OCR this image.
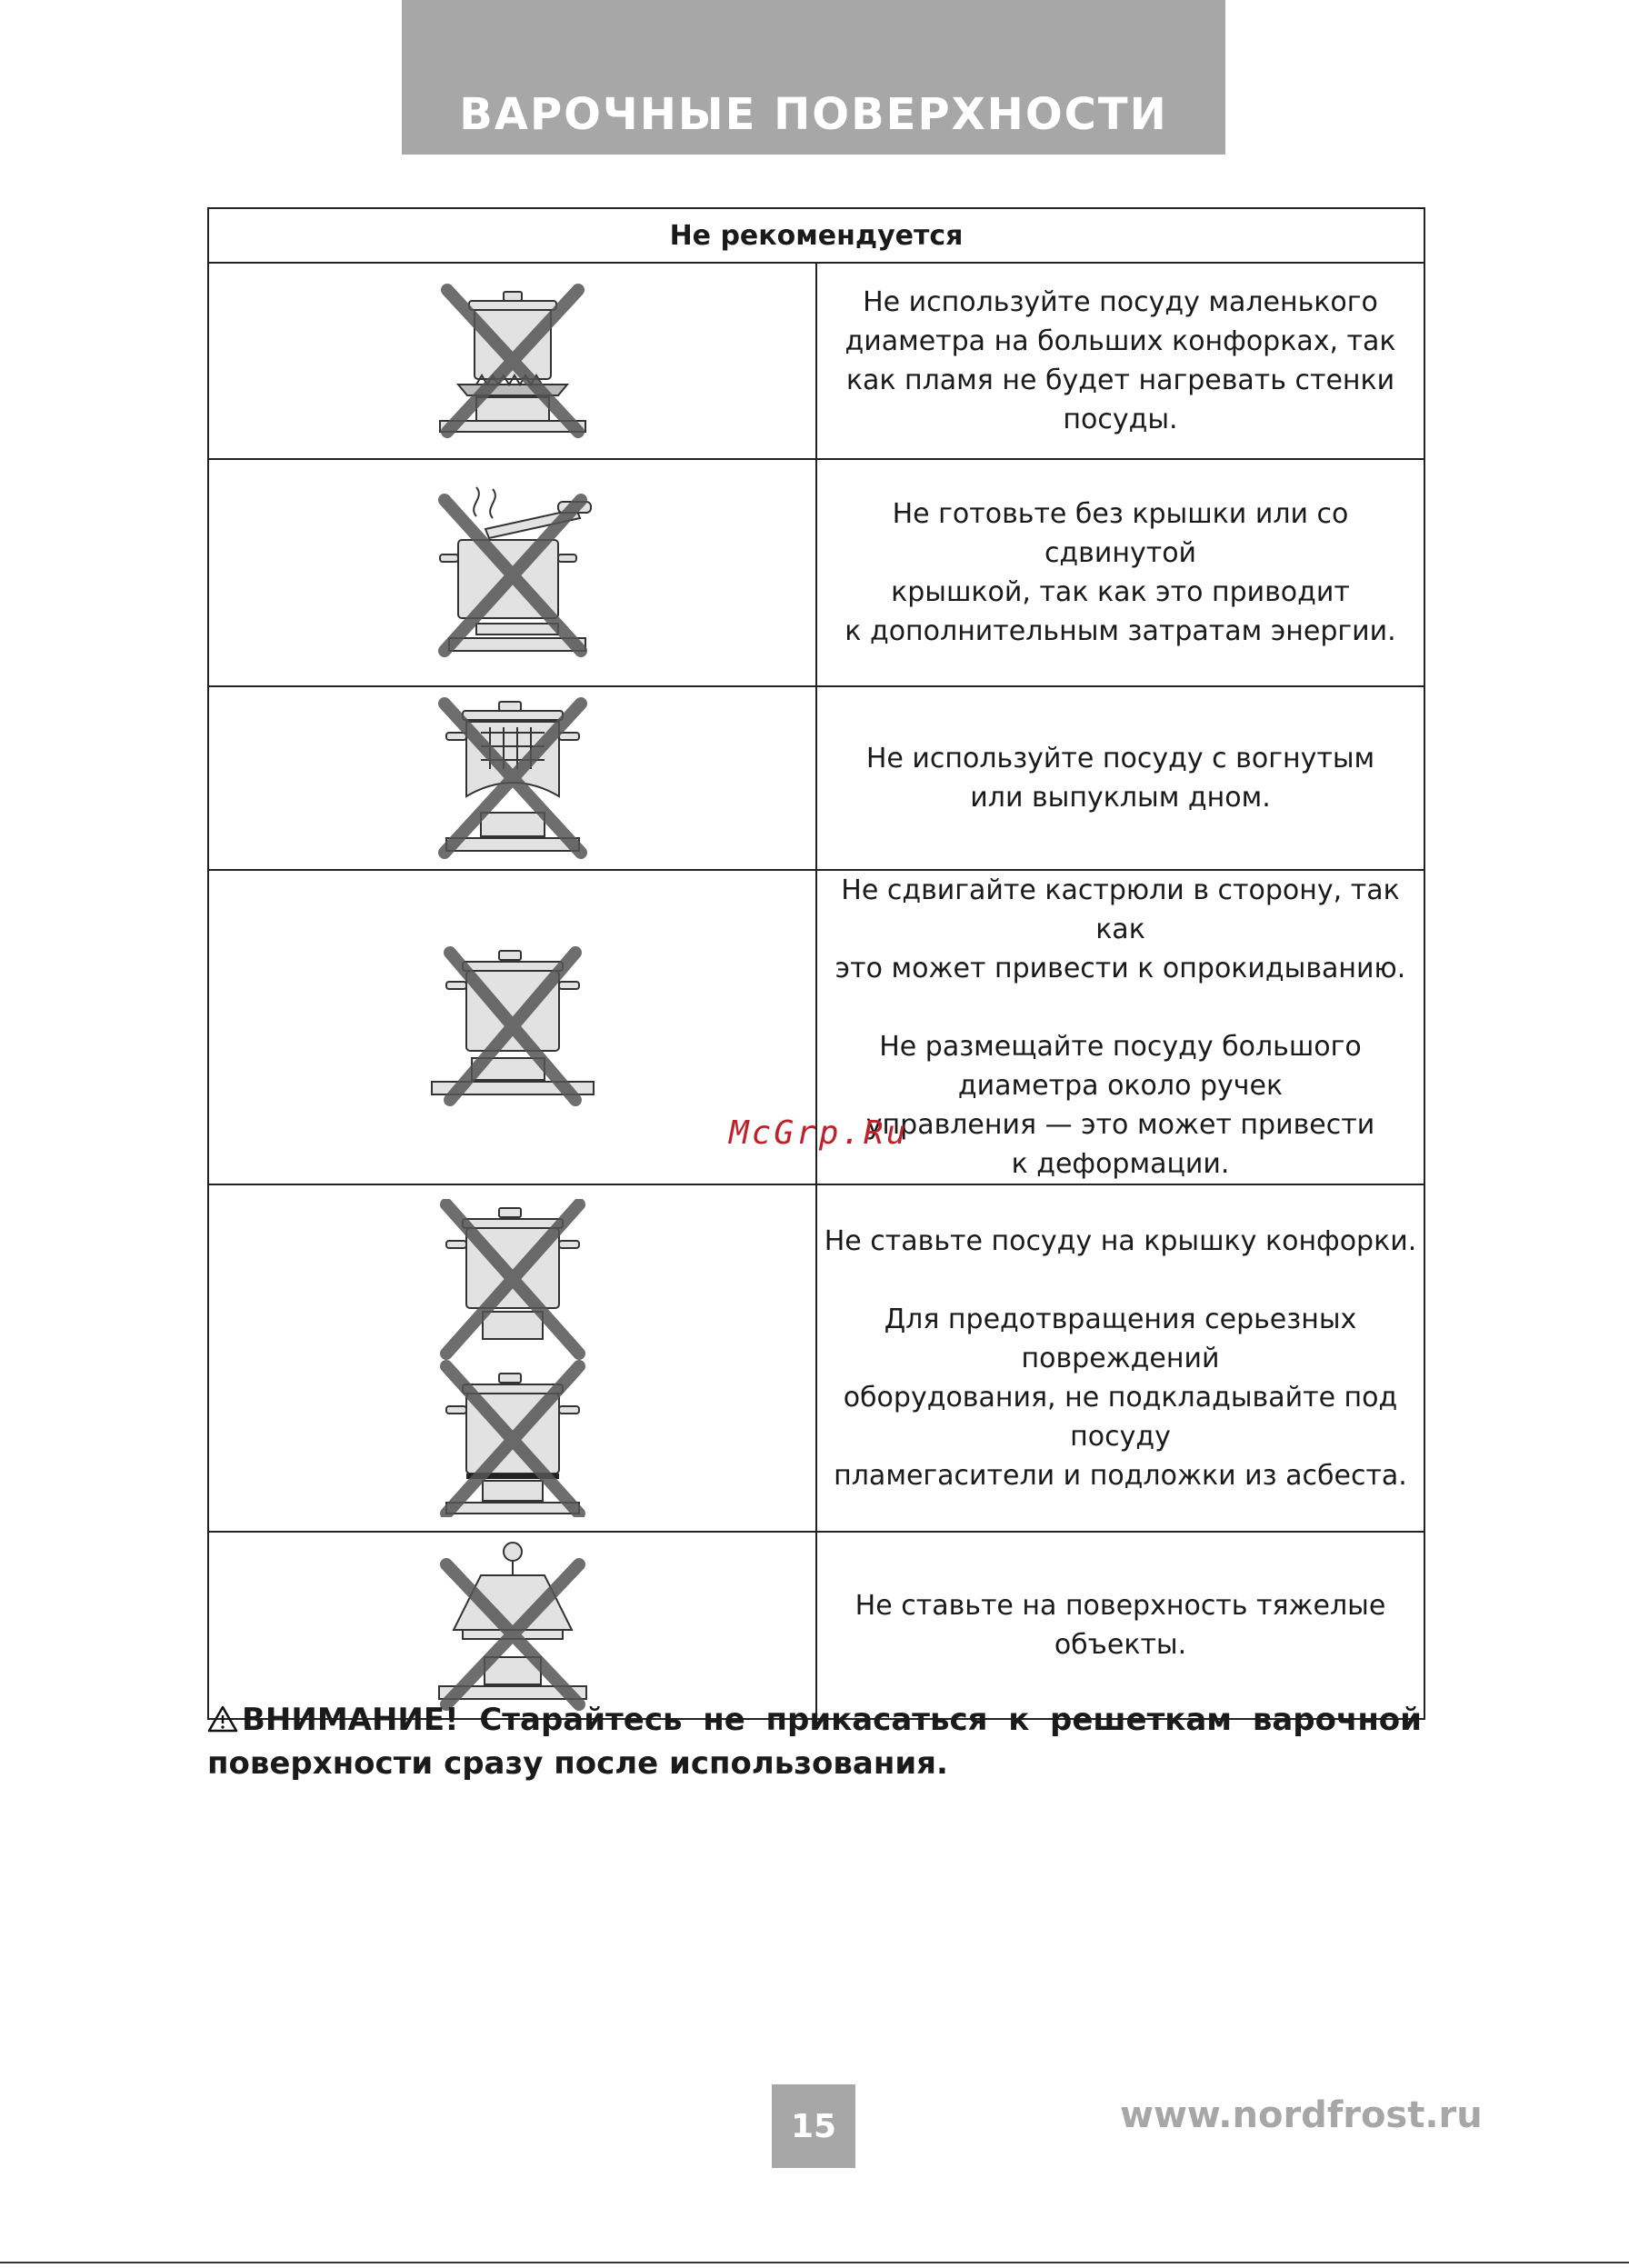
ВАРОЧНЫЕ ПОВЕРХНОСТИ
Не рекомендуется	

Не используйте посуду маленького диаметра на больших конфорках, так как пламя не будет нагревать стенки посуды.

Не готовьте без крышки или со сдвинутой

крышкой, так как это приводит

к дополнительным затратам энергии.

Не используйте посуду с вогнутым

или выпуклым дном.

Не сдвигайте кастрюли в сторону, так как

это может привести к опрокидыванию.

Не размещайте посуду большого диаметра около ручек

управления — это может привести

к деформации.

Не ставьте посуду на крышку конфорки.

Для предотвращения серьезных повреждений

оборудования, не подкладывайте под посуду

пламегасители и подложки из асбеста.

Не ставьте на поверхность тяжелые объекты.

McGrp.Ru
ВНИМАНИЕ! Старайтесь не прикасаться к решеткам варочной поверхности сразу после использования.
15	www.nordfrost.ru
